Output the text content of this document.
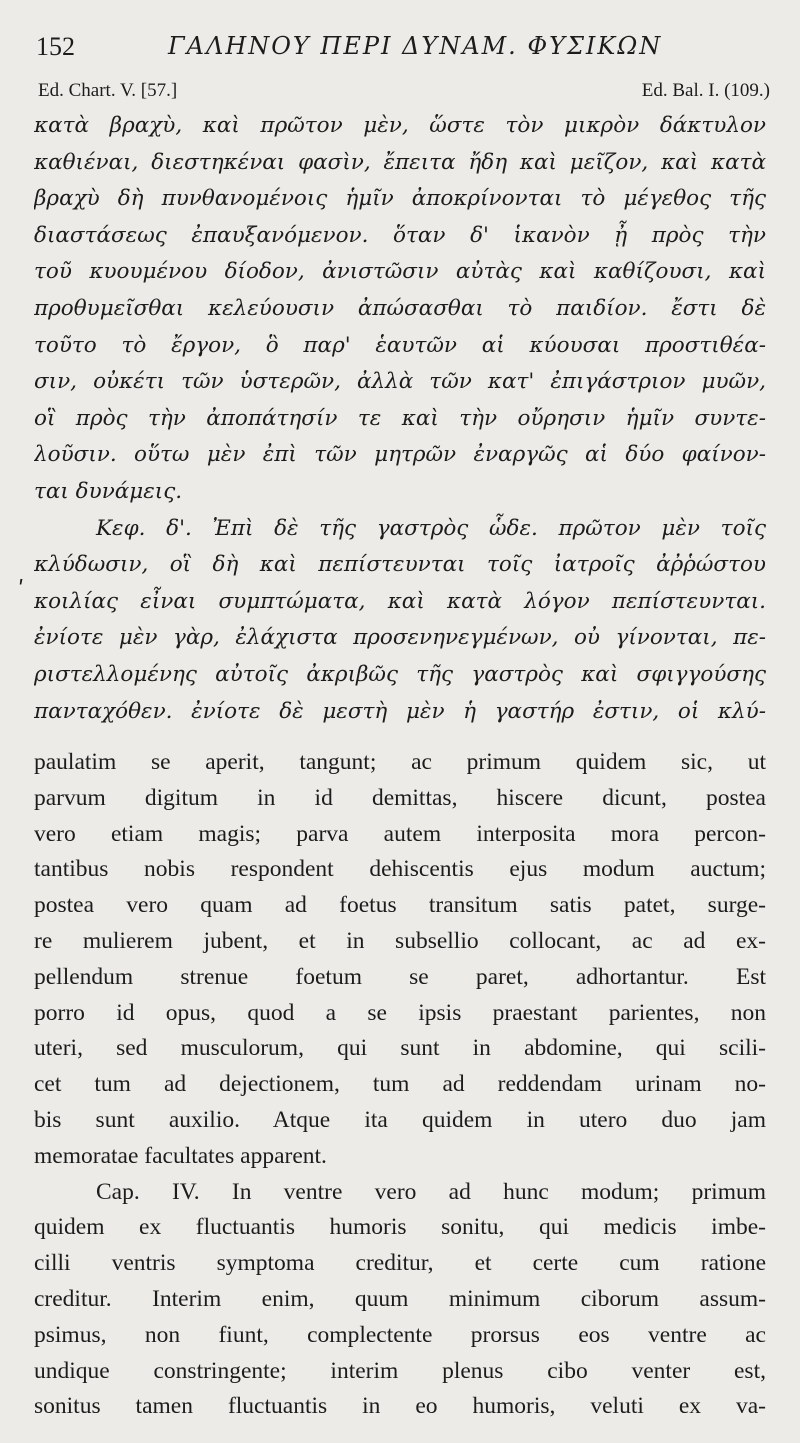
152	ΓΑΛΗΝΟΥ ΠΕΡΙ ΔΥΝΑΜ. ΦΥΣΙΚΩΝ
Ed. Chart. V. [57.]	Ed. Bal. I. (109.)
ʹ
κατὰ βραχὺ, καὶ πρῶτον μὲν, ὥστε τὸν μικρὸν δάκτυλον
καθιέναι, διεστηκέναι φασὶν, ἔπειτα ἤδη καὶ μεῖζον, καὶ κατὰ
βραχὺ δὴ πυνθανομένοις ἡμῖν ἀποκρίνονται τὸ μέγεθος τῆς
διαστάσεως ἐπαυξανόμενον. ὅταν δ' ἱκανὸν ᾖ πρὸς τὴν
τοῦ κυουμένου δίοδον, ἀνιστῶσιν αὐτὰς καὶ καθίζουσι, καὶ
προθυμεῖσθαι κελεύουσιν ἀπώσασθαι τὸ παιδίον. ἔστι δὲ
τοῦτο τὸ ἔργον, ὃ παρ' ἑαυτῶν αἱ κύουσαι προστιθέα-
σιν, οὐκέτι τῶν ὑστερῶν, ἀλλὰ τῶν κατ' ἐπιγάστριον μυῶν,
οἳ πρὸς τὴν ἀποπάτησίν τε καὶ τὴν οὔρησιν ἡμῖν συντε-
λοῦσιν. οὕτω μὲν ἐπὶ τῶν μητρῶν ἐναργῶς αἱ δύο φαίνον-
ται δυνάμεις.
Κεφ. δ'. Ἐπὶ δὲ τῆς γαστρὸς ὧδε. πρῶτον μὲν τοῖς
κλύδωσιν, οἳ δὴ καὶ πεπίστευνται τοῖς ἰατροῖς ἀῤῥώστου
κοιλίας εἶναι συμπτώματα, καὶ κατὰ λόγον πεπίστευνται.
ἐνίοτε μὲν γὰρ, ἐλάχιστα προσενηνεγμένων, οὐ γίνονται, πε-
ριστελλομένης αὐτοῖς ἀκριβῶς τῆς γαστρὸς καὶ σφιγγούσης
πανταχόθεν. ἐνίοτε δὲ μεστὴ μὲν ἡ γαστήρ ἐστιν, οἱ κλύ-
paulatim se aperit, tangunt; ac primum quidem sic, ut
parvum digitum in id demittas, hiscere dicunt, postea
vero etiam magis; parva autem interposita mora percon-
tantibus nobis respondent dehiscentis ejus modum auctum;
postea vero quam ad foetus transitum satis patet, surge-
re mulierem jubent, et in subsellio collocant, ac ad ex-
pellendum strenue foetum se paret, adhortantur. Est
porro id opus, quod a se ipsis praestant parientes, non
uteri, sed musculorum, qui sunt in abdomine, qui scili-
cet tum ad dejectionem, tum ad reddendam urinam no-
bis sunt auxilio. Atque ita quidem in utero duo jam
memoratae facultates apparent.
Cap. IV. In ventre vero ad hunc modum; primum
quidem ex fluctuantis humoris sonitu, qui medicis imbe-
cilli ventris symptoma creditur, et certe cum ratione
creditur. Interim enim, quum minimum ciborum assum-
psimus, non fiunt, complectente prorsus eos ventre ac
undique constringente; interim plenus cibo venter est,
sonitus tamen fluctuantis in eo humoris, veluti ex va-
